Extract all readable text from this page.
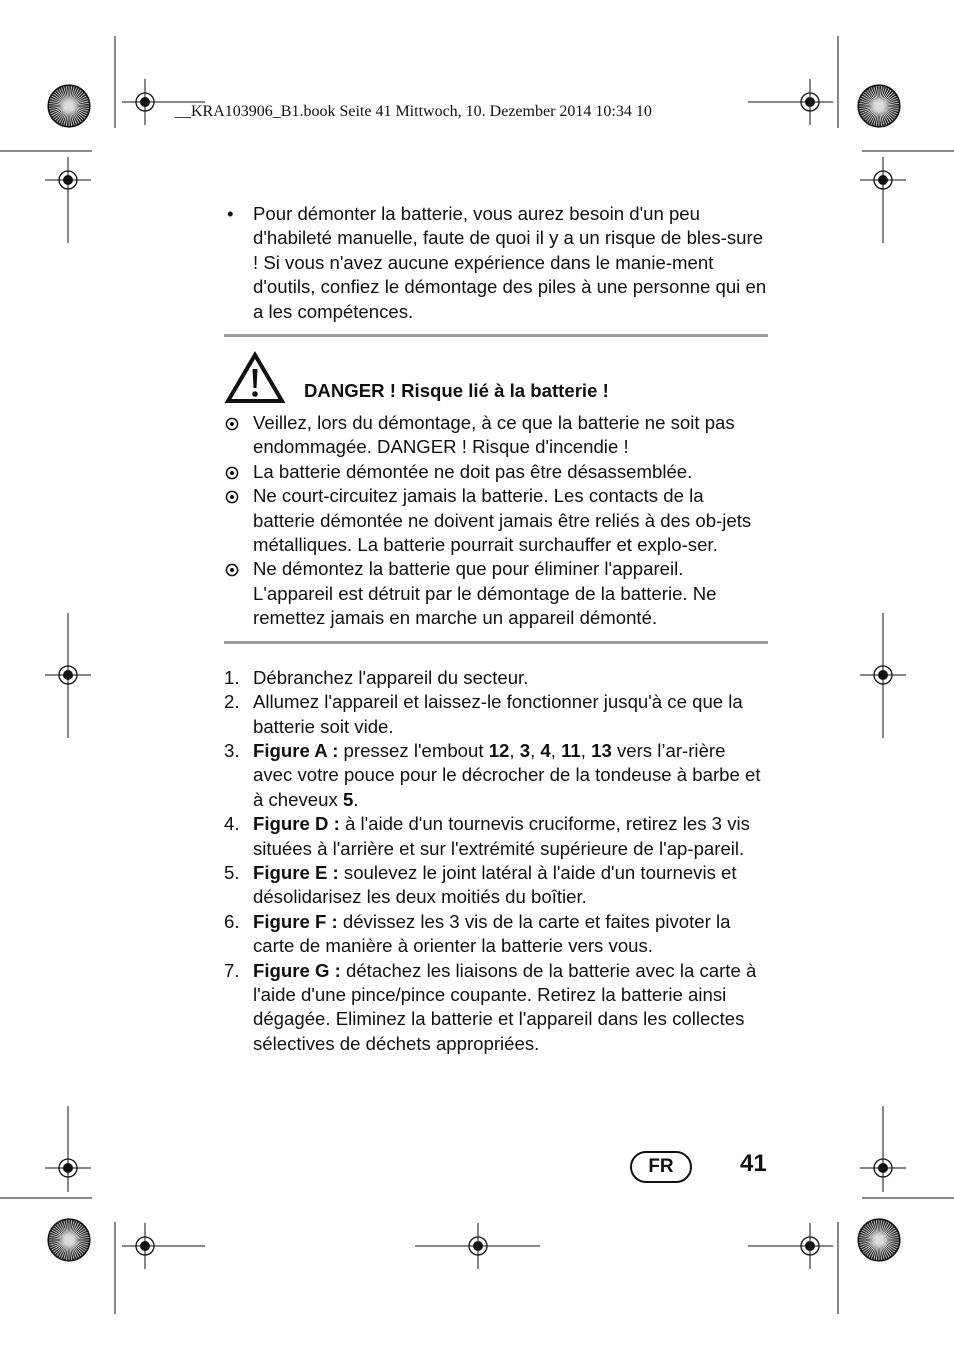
__KRA103906_B1.book Seite 41 Mittwoch, 10. Dezember 2014 10:34 10
• Pour démonter la batterie, vous aurez besoin d'un peu d'habileté manuelle, faute de quoi il y a un risque de bles-sure ! Si vous n'avez aucune expérience dans le manie-ment d'outils, confiez le démontage des piles à une personne qui en a les compétences.
DANGER ! Risque lié à la batterie !
Veillez, lors du démontage, à ce que la batterie ne soit pas endommagée. DANGER ! Risque d'incendie !
La batterie démontée ne doit pas être désassemblée.
Ne court-circuitez jamais la batterie. Les contacts de la batterie démontée ne doivent jamais être reliés à des ob-jets métalliques. La batterie pourrait surchauffer et explo-ser.
Ne démontez la batterie que pour éliminer l'appareil. L'appareil est détruit par le démontage de la batterie. Ne remettez jamais en marche un appareil démonté.
1. Débranchez l'appareil du secteur.
2. Allumez l'appareil et laissez-le fonctionner jusqu'à ce que la batterie soit vide.
3. Figure A : pressez l'embout 12, 3, 4, 11, 13 vers l’ar-rière avec votre pouce pour le décrocher de la tondeuse à barbe et à cheveux 5.
4. Figure D : à l'aide d'un tournevis cruciforme, retirez les 3 vis situées à l'arrière et sur l'extrémité supérieure de l'ap-pareil.
5. Figure E : soulevez le joint latéral à l'aide d'un tournevis et désolidarisez les deux moitiés du boîtier.
6. Figure F : dévissez les 3 vis de la carte et faites pivoter la carte de manière à orienter la batterie vers vous.
7. Figure G : détachez les liaisons de la batterie avec la carte à l'aide d'une pince/pince coupante. Retirez la batterie ainsi dégagée. Eliminez la batterie et l'appareil dans les collectes sélectives de déchets appropriées.
FR	41
